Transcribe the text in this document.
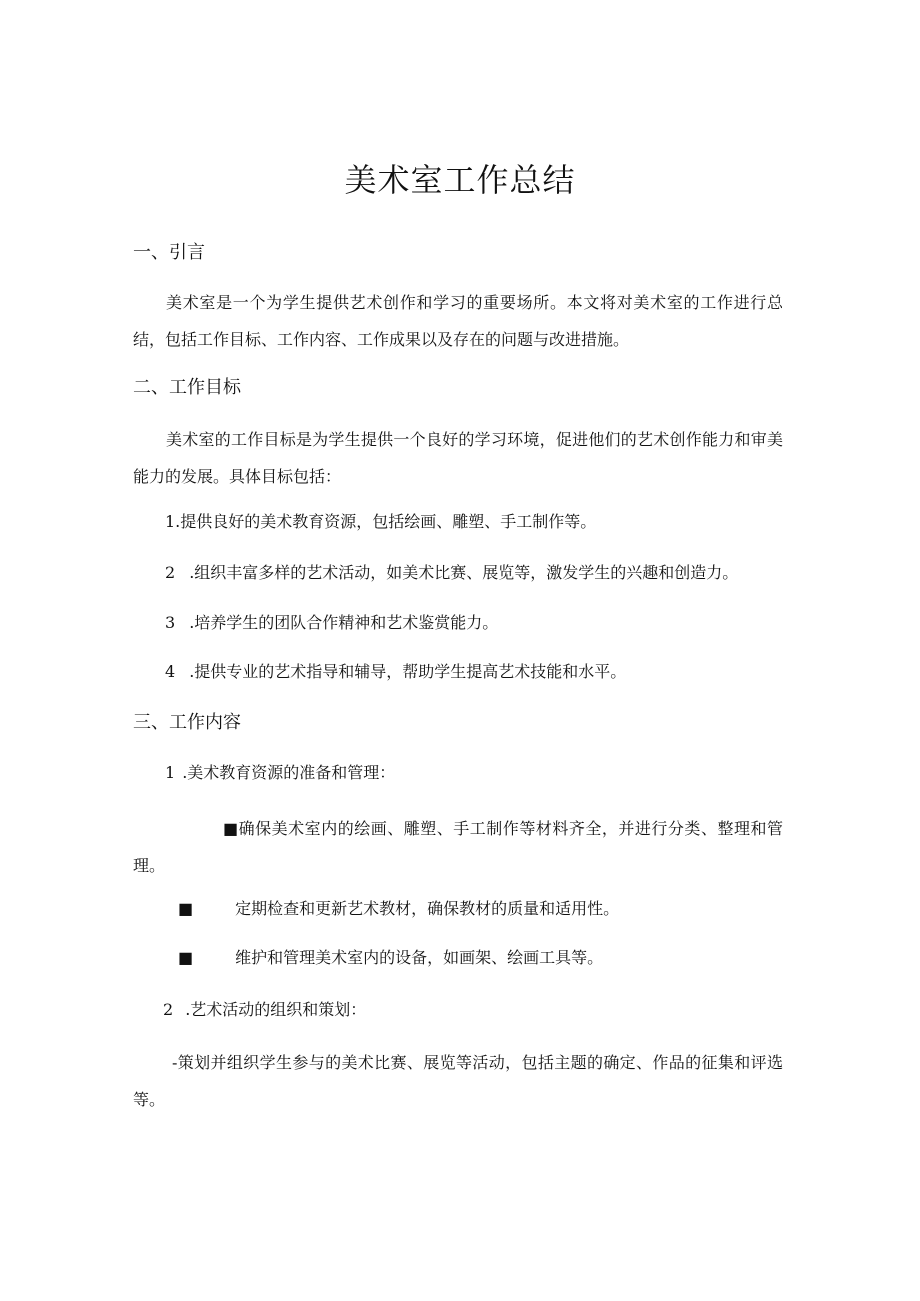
美术室工作总结
一、引言
美术室是一个为学生提供艺术创作和学习的重要场所。本文将对美术室的工作进行总结，包括工作目标、工作内容、工作成果以及存在的问题与改进措施。
二、工作目标
美术室的工作目标是为学生提供一个良好的学习环境，促进他们的艺术创作能力和审美能力的发展。具体目标包括：
1.提供良好的美术教育资源，包括绘画、雕塑、手工制作等。
2 .组织丰富多样的艺术活动，如美术比赛、展览等，激发学生的兴趣和创造力。
3 .培养学生的团队合作精神和艺术鉴赏能力。
4 .提供专业的艺术指导和辅导，帮助学生提高艺术技能和水平。
三、工作内容
1 .美术教育资源的准备和管理：
■确保美术室内的绘画、雕塑、手工制作等材料齐全，并进行分类、整理和管理。
■	定期检查和更新艺术教材，确保教材的质量和适用性。
■	维护和管理美术室内的设备，如画架、绘画工具等。
2 .艺术活动的组织和策划：
-策划并组织学生参与的美术比赛、展览等活动，包括主题的确定、作品的征集和评选等。
